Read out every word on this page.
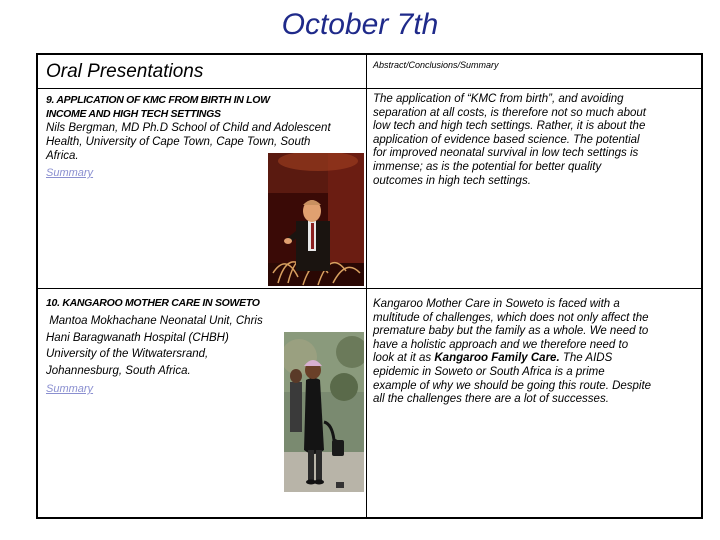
October 7th
Oral Presentations	Abstract/Conclusions/Summary
9. APPLICATION OF KMC FROM BIRTH IN LOW
INCOME AND HIGH TECH SETTINGS
Nils Bergman, MD Ph.D School of Child and Adolescent
Health, University of Cape Town, Cape Town, South
Africa.
Summary
The application of “KMC from birth”, and avoiding
separation at all costs, is therefore not so much about
low tech and high tech settings. Rather, it is about the
application of evidence based science. The potential
for improved neonatal survival in low tech settings is
immense; as is the potential for better quality
outcomes in high tech settings.
10. KANGAROO MOTHER CARE IN SOWETO
Mantoa Mokhachane Neonatal Unit, Chris
Hani Baragwanath Hospital (CHBH)
University of the Witwatersrand,
Johannesburg, South Africa.
Summary
Kangaroo Mother Care in Soweto is faced with a
multitude of challenges, which does not only affect the
premature baby but the family as a whole. We need to
have a holistic approach and we therefore need to
look at it as Kangaroo Family Care. The AIDS
epidemic in Soweto or South Africa is a prime
example of why we should be going this route. Despite
all the challenges there are a lot of successes.
